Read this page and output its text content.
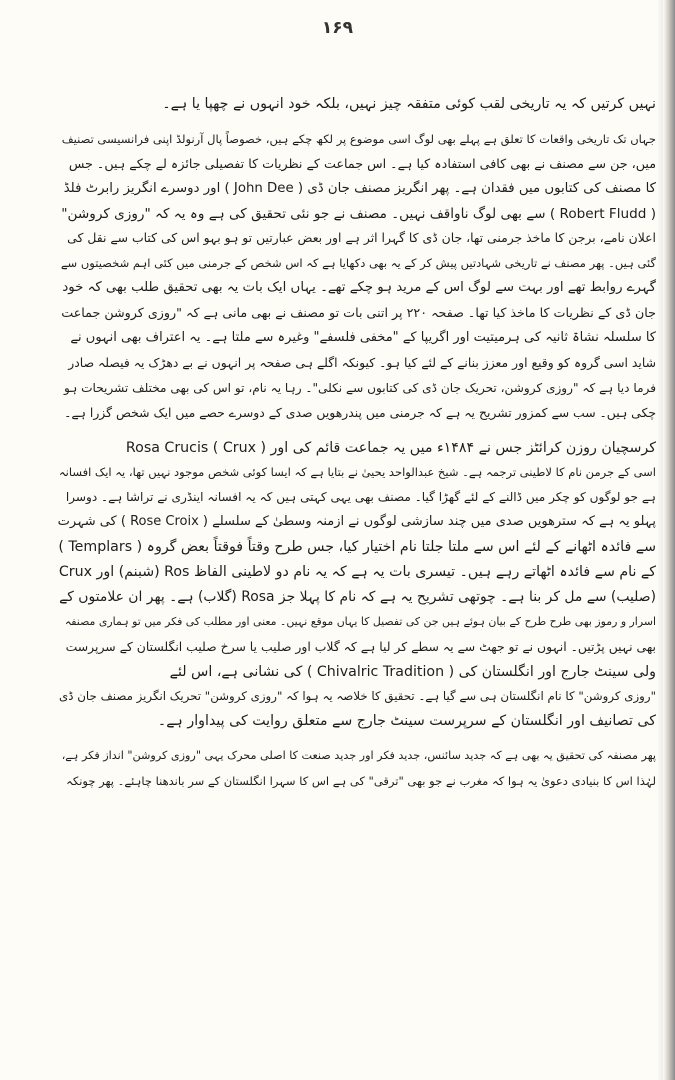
۱۶۹
نہیں کرتیں کہ یہ تاریخی لقب کوئی متفقہ چیز نہیں، بلکہ خود انہوں نے چھپا یا ہے۔
جہاں تک تاریخی واقعات کا تعلق ہے پہلے بھی لوگ اسی موضوع پر لکھ چکے ہیں، خصوصاً پال آرنولڈ اپنی فرانسیسی تصنیف
میں، جن سے مصنف نے بھی کافی استفادہ کیا ہے۔ اس جماعت کے نظریات کا تفصیلی جائزہ لے چکے ہیں۔ جس
کا مصنف کی کتابوں میں فقدان ہے۔ پھر انگریز مصنف جان ڈی ( John Dee ) اور دوسرے انگریز رابرٹ فلڈ
( Robert Fludd ) سے بھی لوگ ناواقف نہیں۔ مصنف نے جو نئی تحقیق کی ہے وہ یہ کہ "روزی کروشن"
اعلان نامے، برجن کا ماخذ جرمنی تھا، جان ڈی کا گہرا اثر ہے اور بعض عبارتیں تو ہو بہو اس کی کتاب سے نقل کی
گئی ہیں۔ پھر مصنف نے تاریخی شہادتیں پیش کر کے یہ بھی دکھایا ہے کہ اس شخص کے جرمنی میں کئی اہم شخصیتوں سے
گہرے روابط تھے اور بہت سے لوگ اس کے مرید ہو چکے تھے۔ یہاں ایک بات یہ بھی تحقیق طلب بھی کہ خود
جان ڈی کے نظریات کا ماخذ کیا تھا۔ صفحہ ۲۲۰ پر اتنی بات تو مصنف نے بھی مانی ہے کہ "روزی کروشن جماعت
کا سلسلہ نشاۃ ثانیہ کی ہرمیتیت اور اگریپا کے "مخفی فلسفے" وغیرہ سے ملتا ہے۔ یہ اعتراف بھی انہوں نے
شاید اسی گروہ کو وقیع اور معزز بنانے کے لئے کیا ہو۔ کیونکہ اگلے ہی صفحہ پر انہوں نے بے دھڑک یہ فیصلہ صادر
فرما دیا ہے کہ "روزی کروشن، تحریک جان ڈی کی کتابوں سے نکلی"۔ رہا یہ نام، تو اس کی بھی مختلف تشریحات ہو
چکی ہیں۔ سب سے کمزور تشریح یہ ہے کہ جرمنی میں پندرھویں صدی کے دوسرے حصے میں ایک شخص گزرا ہے۔
کرسچیان روزن کرائٹز جس نے ۱۴۸۴ء میں یہ جماعت قائم کی اور ( Crux ) Rosa Crucis
اسی کے جرمن نام کا لاطینی ترجمہ ہے۔ شیخ عبدالواحد یحییٰ نے بتایا ہے کہ ایسا کوئی شخص موجود نہیں تھا، یہ ایک افسانہ
ہے جو لوگوں کو چکر میں ڈالنے کے لئے گھڑا گیا۔ مصنف بھی یہی کہتی ہیں کہ یہ افسانہ اینڈری نے تراشا ہے۔ دوسرا
پہلو یہ ہے کہ سترھویں صدی میں چند سازشی لوگوں نے ازمنہ وسطیٰ کے سلسلے ( Rose Croix ) کی شہرت
سے فائدہ اٹھانے کے لئے اس سے ملتا جلتا نام اختیار کیا، جس طرح وقتاً فوقتاً بعض گروہ ( Templars )
کے نام سے فائدہ اٹھاتے رہے ہیں۔ تیسری بات یہ ہے کہ یہ نام دو لاطینی الفاظ Ros (شبنم) اور Crux
(صلیب) سے مل کر بنا ہے۔ چوتھی تشریح یہ ہے کہ نام کا پہلا جز Rosa (گلاب) ہے۔ پھر ان علامتوں کے
اسرار و رموز بھی طرح طرح کے بیان ہوئے ہیں جن کی تفصیل کا یہاں موقع نہیں۔ معنی اور مطلب کی فکر میں تو ہماری مصنفہ
بھی نہیں پڑتیں۔ انہوں نے تو جھٹ سے یہ سطے کر لیا ہے کہ گلاب اور صلیب یا سرخ صلیب انگلستان کے سرپرست
ولی سینٹ جارج اور انگلستان کی ( Chivalric Tradition ) کی نشانی ہے، اس لئے
"روزی کروشن" کا نام انگلستان ہی سے گیا ہے۔ تحقیق کا خلاصہ یہ ہوا کہ "روزی کروشن" تحریک انگریز مصنف جان ڈی
کی تصانیف اور انگلستان کے سرپرست سینٹ جارج سے متعلق روایت کی پیداوار ہے۔
پھر مصنفہ کی تحقیق یہ بھی ہے کہ جدید سائنس، جدید فکر اور جدید صنعت کا اصلی محرک یہی "روزی کروشن" انداز فکر ہے،
لہٰذا اس کا بنیادی دعویٰ یہ ہوا کہ مغرب نے جو بھی "ترقی" کی ہے اس کا سہرا انگلستان کے سر باندھنا چاہئے۔ پھر چونکہ
